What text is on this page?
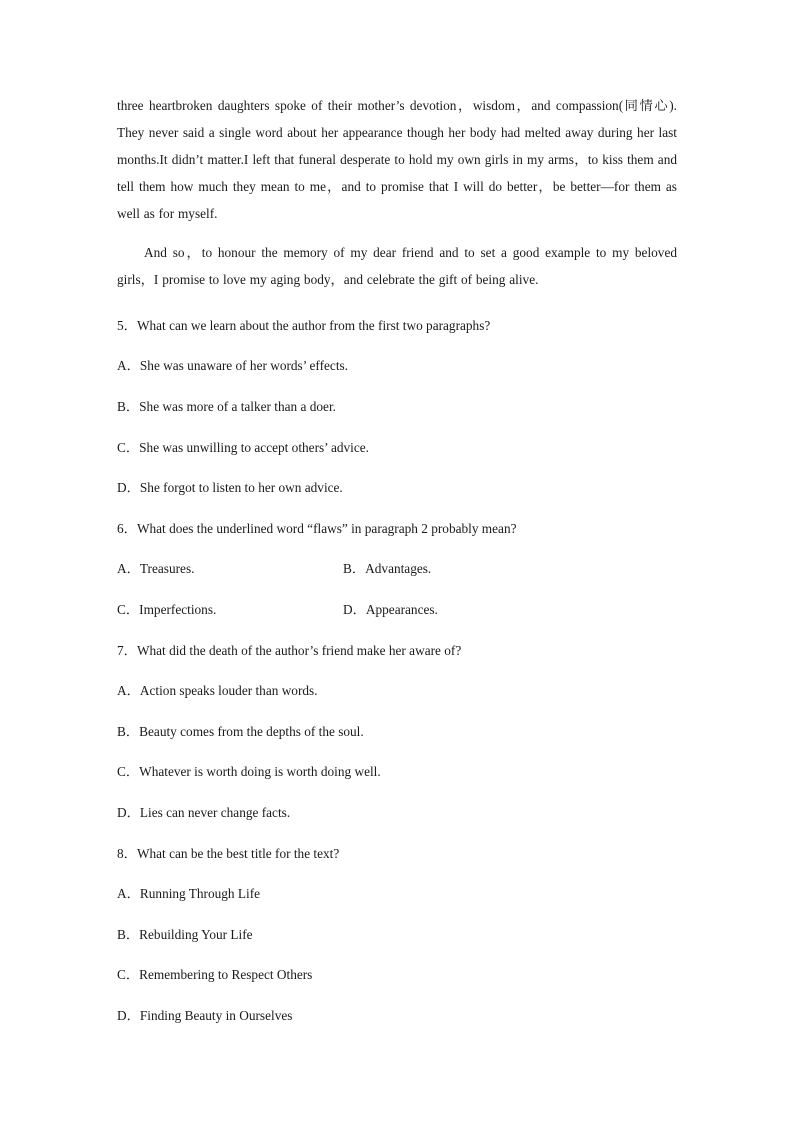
three heartbroken daughters spoke of their mother’s devotion，wisdom，and compassion(同情心). They never said a single word about her appearance though her body had melted away during her last months.It didn’t matter.I left that funeral desperate to hold my own girls in my arms，to kiss them and tell them how much they mean to me，and to promise that I will do better，be better—for them as well as for myself.

And so，to honour the memory of my dear friend and to set a good example to my beloved girls，I promise to love my aging body，and celebrate the gift of being alive.

5．What can we learn about the author from the first two paragraphs?
A．She was unaware of her words’ effects.
B．She was more of a talker than a doer.
C．She was unwilling to accept others’ advice.
D．She forgot to listen to her own advice.
6．What does the underlined word “flaws” in paragraph 2 probably mean?
A．Treasures.	B．Advantages.
C．Imperfections.	D．Appearances.
7．What did the death of the author’s friend make her aware of?
A．Action speaks louder than words.
B．Beauty comes from the depths of the soul.
C．Whatever is worth doing is worth doing well.
D．Lies can never change facts.
8．What can be the best title for the text?
A．Running Through Life
B．Rebuilding Your Life
C．Remembering to Respect Others
D．Finding Beauty in Ourselves
